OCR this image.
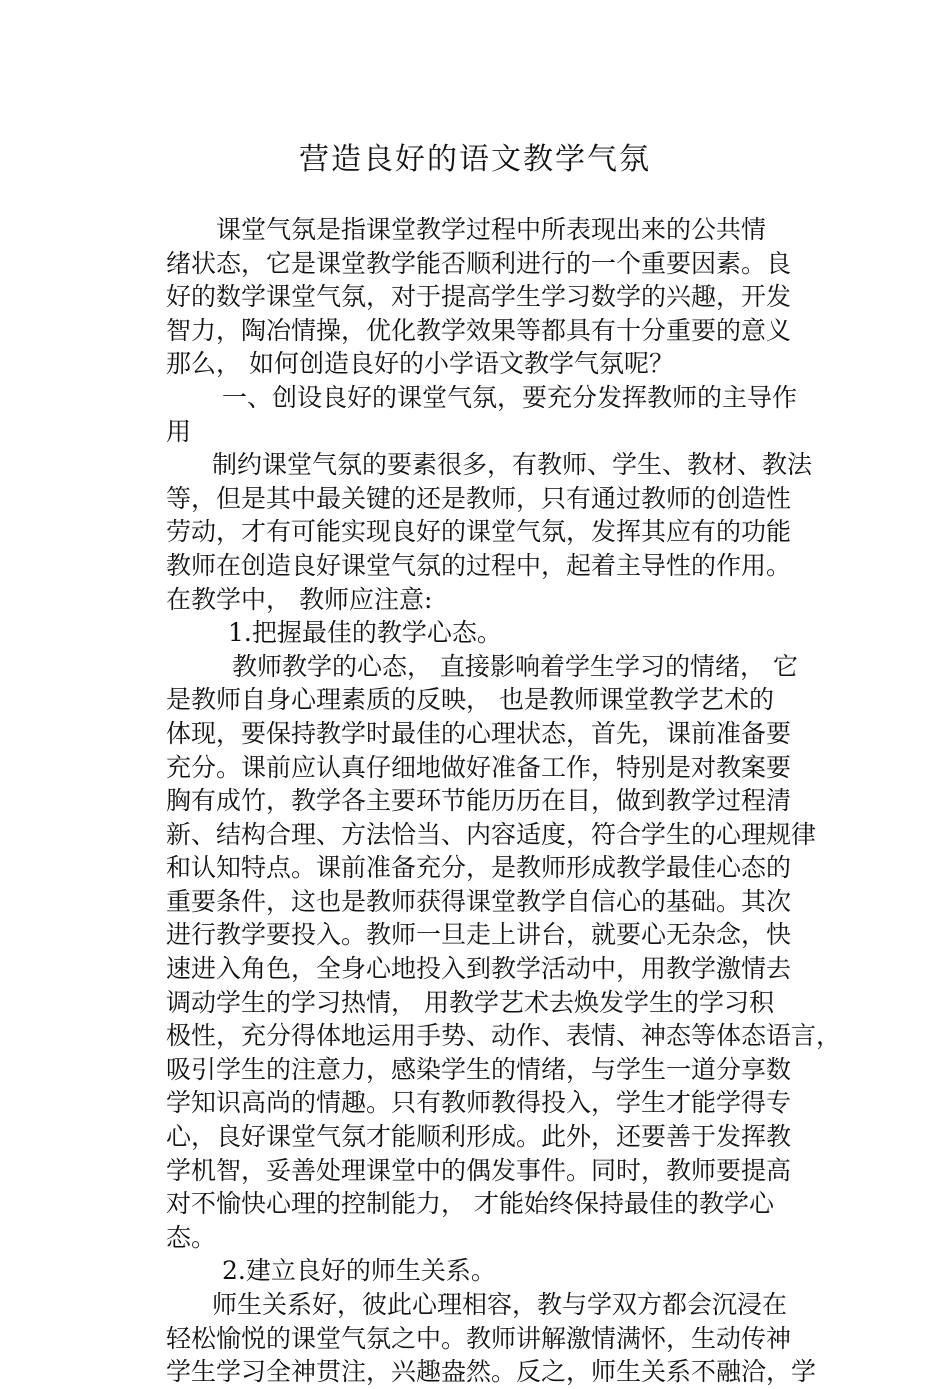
营造良好的语文教学气氛
课堂气氛是指课堂教学过程中所表现出来的公共情
绪状态，它是课堂教学能否顺利进行的一个重要因素。良
好的数学课堂气氛，对于提高学生学习数学的兴趣，开发
智力，陶冶情操，优化教学效果等都具有十分重要的意义
那么， 如何创造良好的小学语文教学气氛呢？
一、创设良好的课堂气氛，要充分发挥教师的主导作
用
制约课堂气氛的要素很多，有教师、学生、教材、教法
等，但是其中最关键的还是教师，只有通过教师的创造性
劳动，才有可能实现良好的课堂气氛，发挥其应有的功能
教师在创造良好课堂气氛的过程中，起着主导性的作用。
在教学中， 教师应注意:
1.把握最佳的教学心态。
教师教学的心态， 直接影响着学生学习的情绪， 它
是教师自身心理素质的反映， 也是教师课堂教学艺术的
体现，要保持教学时最佳的心理状态，首先，课前准备要
充分。课前应认真仔细地做好准备工作，特别是对教案要
胸有成竹，教学各主要环节能历历在目，做到教学过程清
新、结构合理、方法恰当、内容适度，符合学生的心理规律
和认知特点。课前准备充分，是教师形成教学最佳心态的
重要条件，这也是教师获得课堂教学自信心的基础。其次
进行教学要投入。教师一旦走上讲台，就要心无杂念，快
速进入角色，全身心地投入到教学活动中，用教学激情去
调动学生的学习热情， 用教学艺术去焕发学生的学习积
极性，充分得体地运用手势、动作、表情、神态等体态语言，
吸引学生的注意力，感染学生的情绪，与学生一道分享数
学知识高尚的情趣。只有教师教得投入，学生才能学得专
心，良好课堂气氛才能顺利形成。此外，还要善于发挥教
学机智，妥善处理课堂中的偶发事件。同时，教师要提高
对不愉快心理的控制能力， 才能始终保持最佳的教学心
态。
2.建立良好的师生关系。
师生关系好，彼此心理相容，教与学双方都会沉浸在
轻松愉悦的课堂气氛之中。教师讲解激情满怀，生动传神
学生学习全神贯注，兴趣盎然。反之，师生关系不融洽，学
